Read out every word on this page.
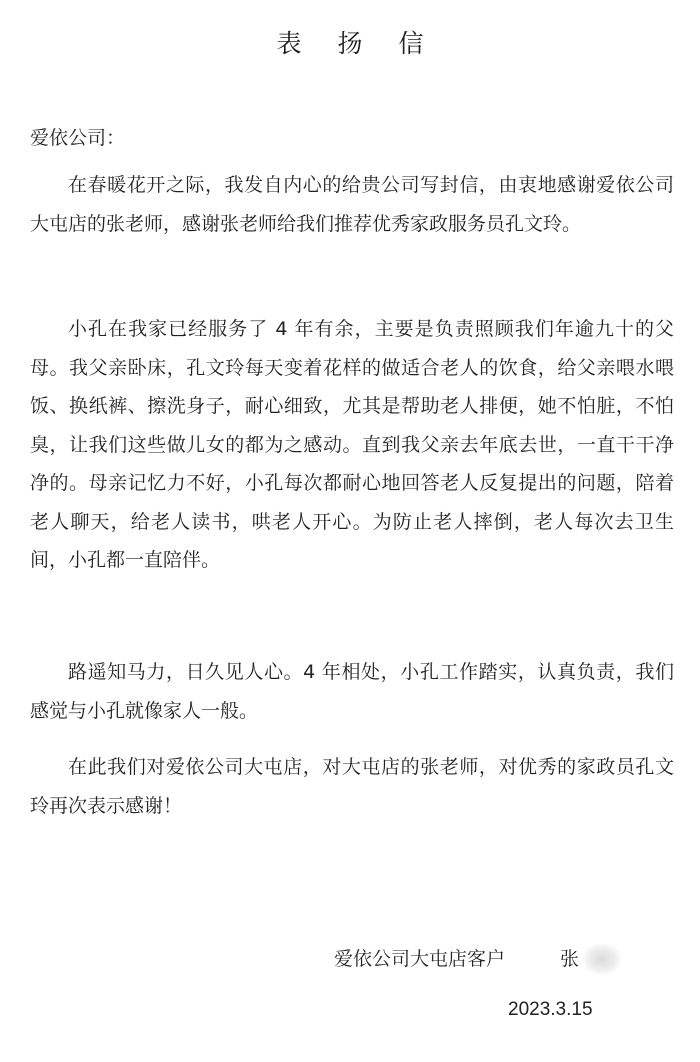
表 扬 信
爱依公司：

在春暖花开之际，我发自内心的给贵公司写封信，由衷地感谢爱依公司大屯店的张老师，感谢张老师给我们推荐优秀家政服务员孔文玲。

小孔在我家已经服务了 4 年有余，主要是负责照顾我们年逾九十的父母。我父亲卧床，孔文玲每天变着花样的做适合老人的饮食，给父亲喂水喂饭、换纸裤、擦洗身子，耐心细致，尤其是帮助老人排便，她不怕脏，不怕臭，让我们这些做儿女的都为之感动。直到我父亲去年底去世，一直干干净净的。母亲记忆力不好，小孔每次都耐心地回答老人反复提出的问题，陪着老人聊天，给老人读书，哄老人开心。为防止老人摔倒，老人每次去卫生间，小孔都一直陪伴。

路遥知马力，日久见人心。4 年相处，小孔工作踏实，认真负责，我们感觉与小孔就像家人一般。

在此我们对爱依公司大屯店，对大屯店的张老师，对优秀的家政员孔文玲再次表示感谢！

爱依公司大屯店客户	张
2023.3.15
